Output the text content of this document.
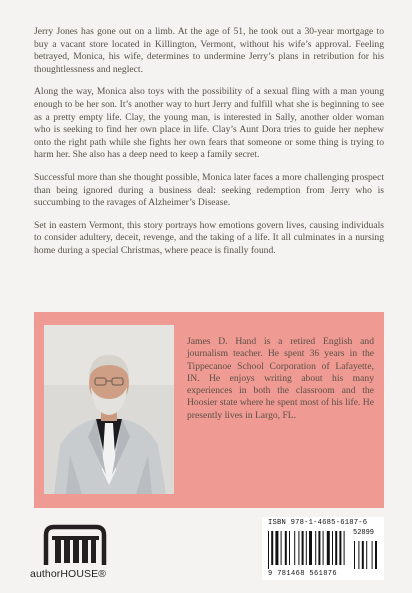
Jerry Jones has gone out on a limb. At the age of 51, he took out a 30-year mortgage to buy a vacant store located in Killington, Vermont, without his wife’s approval. Feeling betrayed, Monica, his wife, determines to undermine Jerry’s plans in retribution for his thoughtlessness and neglect.

Along the way, Monica also toys with the possibility of a sexual fling with a man young enough to be her son. It’s another way to hurt Jerry and fulfill what she is beginning to see as a pretty empty life. Clay, the young man, is interested in Sally, another older woman who is seeking to find her own place in life. Clay’s Aunt Dora tries to guide her nephew onto the right path while she fights her own fears that someone or some thing is trying to harm her. She also has a deep need to keep a family secret.

Successful more than she thought possible, Monica later faces a more challenging prospect than being ignored during a business deal: seeking redemption from Jerry who is succumbing to the ravages of Alzheimer’s Disease.

Set in eastern Vermont, this story portrays how emotions govern lives, causing individuals to consider adultery, deceit, revenge, and the taking of a life. It all culminates in a nursing home during a special Christmas, where peace is finally found.

James D. Hand is a retired English and journalism teacher. He spent 36 years in the Tippecanoe School Corporation of Lafayette, IN. He enjoys writing about his many experiences in both the classroom and the Hoosier state where he spent most of his life. He presently lives in Largo, FL.
authorHOUSE®
ISBN 978-1-4685-6187-6
52899
9 781468 561876
